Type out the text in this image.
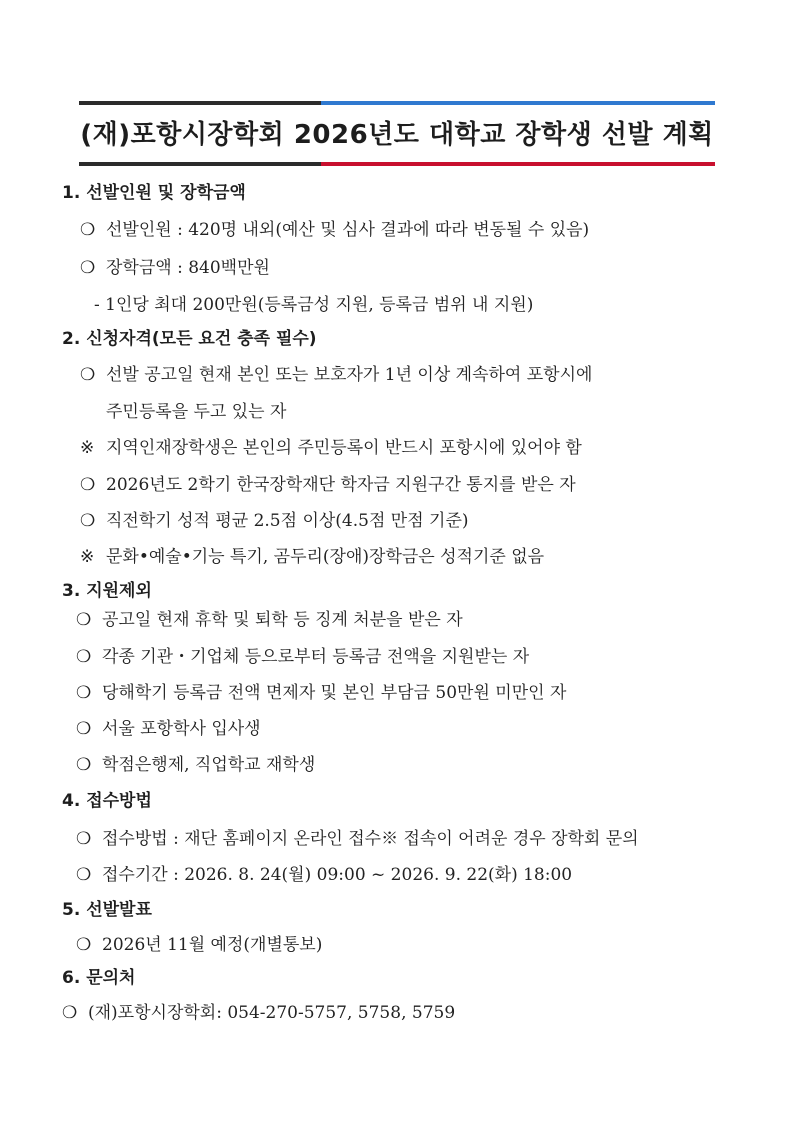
(재)포항시장학회 2026년도 대학교 장학생 선발 계획
1. 선발인원 및 장학금액
❍ 선발인원 : 420명 내외(예산 및 심사 결과에 따라 변동될 수 있음)
❍ 장학금액 : 840백만원
- 1인당 최대 200만원(등록금성 지원, 등록금 범위 내 지원)
2. 신청자격(모든 요건 충족 필수)
❍ 선발 공고일 현재 본인 또는 보호자가 1년 이상 계속하여 포항시에
주민등록을 두고 있는 자
※ 지역인재장학생은 본인의 주민등록이 반드시 포항시에 있어야 함
❍ 2026년도 2학기 한국장학재단 학자금 지원구간 통지를 받은 자
❍ 직전학기 성적 평균 2.5점 이상(4.5점 만점 기준)
※ 문화•예술•기능 특기, 곰두리(장애)장학금은 성적기준 없음
3. 지원제외
❍ 공고일 현재 휴학 및 퇴학 등 징계 처분을 받은 자
❍ 각종 기관・기업체 등으로부터 등록금 전액을 지원받는 자
❍ 당해학기 등록금 전액 면제자 및 본인 부담금 50만원 미만인 자
❍ 서울 포항학사 입사생
❍ 학점은행제, 직업학교 재학생
4. 접수방법
❍ 접수방법 : 재단 홈페이지 온라인 접수※ 접속이 어려운 경우 장학회 문의
❍ 접수기간 : 2026. 8. 24(월) 09:00 ~ 2026. 9. 22(화) 18:00
5. 선발발표
❍ 2026년 11월 예정(개별통보)
6. 문의처
❍ (재)포항시장학회: 054-270-5757, 5758, 5759
